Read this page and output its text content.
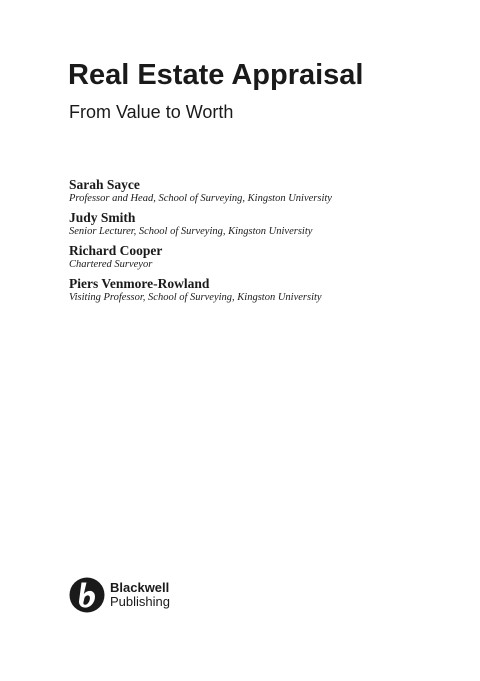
Real Estate Appraisal

From Value to Worth

Sarah Sayce
Professor and Head, School of Surveying, Kingston University
Judy Smith
Senior Lecturer, School of Surveying, Kingston University
Richard Cooper
Chartered Surveyor
Piers Venmore-Rowland
Visiting Professor, School of Surveying, Kingston University
Blackwell
Publishing
